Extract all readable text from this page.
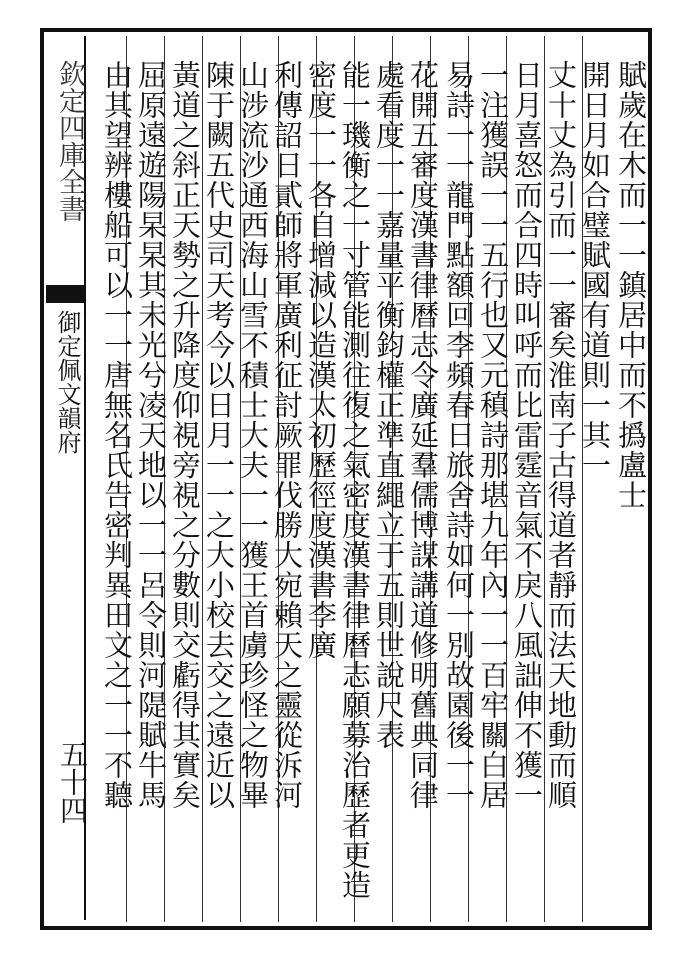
欽定四庫全書
御定佩文韻府
五十四
賦歲在木而一一鎮居中而不撝盧士
開日月如合璧賦國有道則一其一
丈十丈為引而一一審矣淮南子古得道者靜而法天地動而順
日月喜怒而合四時叫呼而比雷霆音氣不戾八風詘伸不獲一
一注獲誤一一五行也又元稹詩那堪九年內一一百牢關白居
易詩一一龍門點額回李頻春日旅舍詩如何一別故園後一一
花開五審度漢書律曆志令廣延羣儒博謀講道修明舊典同律
處看度一一嘉量平衡鈞權正準直繩立于五則世說尺表
能一璣衡之一寸管能測往復之氣密度漢書律曆志願募治歷者更造
密度一一各自增減以造漢太初歷徑度漢書李廣
利傳詔日貳師將軍廣利征討厥罪伐勝大宛賴天之靈從泝河
山涉流沙通西海山雪不積士大夫一一獲王首虜珍怪之物畢
陳于闕五代史司天考今以日月一一之大小校去交之遠近以
黃道之斜正天勢之升降度仰視旁視之分數則交虧得其實矣
屈原遠遊陽杲杲其未光兮凌天地以一一呂令則河隄賦牛馬
由其望辨樓船可以一一唐無名氏告密判異田文之一一不聽
